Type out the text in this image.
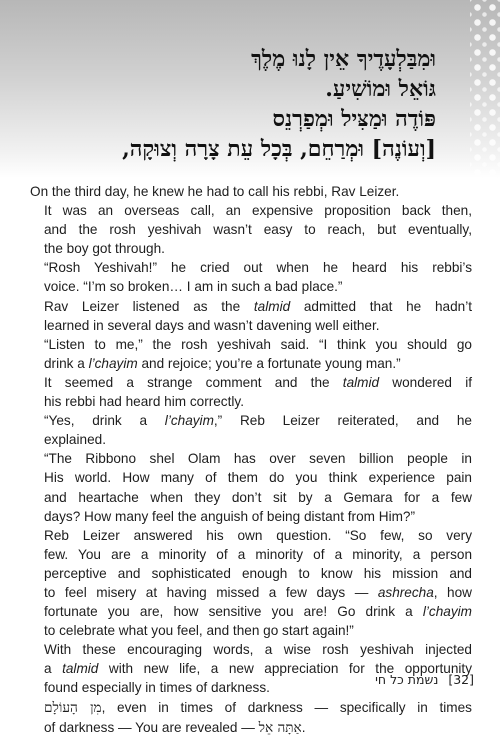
וּמִבַּלְעָדֶיךָ אֵין לָנוּ מֶלֶךְ
גּוֹאֵל וּמוֹשִׁיעַ.
פּוֹדֶה וּמַצִּיל וּמְפַרְנֵס
[וְעוֹנֶה] וּמְרַחֵם, בְּכָל עֵת צָרָה וְצוּקָה,

On the third day, he knew he had to call his rebbi, Rav Leizer.

It was an overseas call, an expensive proposition back then,
and the rosh yeshivah wasn’t easy to reach, but eventually,
the boy got through.

“Rosh Yeshivah!” he cried out when he heard his rebbi’s
voice. “I’m so broken… I am in such a bad place.”

Rav Leizer listened as the talmid admitted that he hadn’t
learned in several days and wasn’t davening well either.

“Listen to me,” the rosh yeshivah said. “I think you should go
drink a l’chayim and rejoice; you’re a fortunate young man.”

It seemed a strange comment and the talmid wondered if
his rebbi had heard him correctly.

“Yes, drink a l’chayim,” Reb Leizer reiterated, and he
explained.

“The Ribbono shel Olam has over seven billion people in
His world. How many of them do you think experience pain
and heartache when they don’t sit by a Gemara for a few
days? How many feel the anguish of being distant from Him?”

Reb Leizer answered his own question. “So few, so very
few. You are a minority of a minority of a minority, a person
perceptive and sophisticated enough to know his mission and
to feel misery at having missed a few days — ashrecha, how
fortunate you are, how sensitive you are! Go drink a l’chayim
to celebrate what you feel, and then go start again!”

With these encouraging words, a wise rosh yeshivah injected
a talmid with new life, a new appreciation for the opportunity
found especially in times of darkness.

מִן הָעוֹלָם, even in times of darkness — specifically in times
of darkness — You are revealed — אַתָּה אֵל.

[32] נשמת כל חי
